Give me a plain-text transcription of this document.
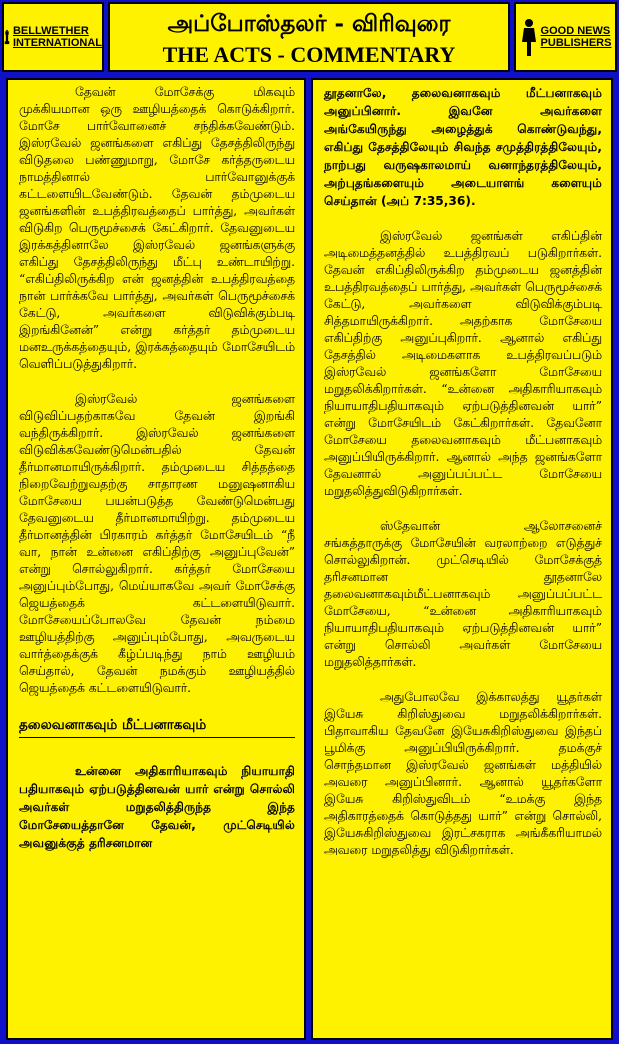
BELLWETHER
INTERNATIONAL
அப்போஸ்தலர் - விரிவுரை
THE ACTS - COMMENTARY
GOOD NEWS
PUBLISHERS

தேவன் மோசேக்கு மிகவும் முக்கியமான ஒரு ஊழியத்தைக் கொடுக்கிறார். மோசே பார்வோனைச் சந்திக்கவேண்டும். இஸ்ரவேல் ஜனங்களை எகிப்து தேசத்திலிருந்து விடுதலை பண்ணுமாறு, மோசே கர்த்தருடைய நாமத்தினால் பார்வோனுக்குக் கட்டளையிடவேண்டும். தேவன் தம்முடைய ஜனங்களின் உபத்திரவத்தைப் பார்த்து, அவர்கள் விடுகிற பெருமூச்சைக் கேட்கிறார். தேவனுடைய இரக்கத்தினாலே இஸ்ரவேல் ஜனங்களுக்கு எகிப்து தேசத்திலிருந்து மீட்பு உண்டாயிற்று. “எகிப்திலிருக்கிற என் ஜனத்தின் உபத்திரவத்தை நான் பார்க்கவே பார்த்து, அவர்கள் பெருமூச்சைக் கேட்டு, அவர்களை விடுவிக்கும்படி இறங்கினேன்” என்று கர்த்தர் தம்முடைய மனஉருக்கத்தையும், இரக்கத்தையும் மோசேயிடம் வெளிப்படுத்துகிறார்.

இஸ்ரவேல் ஜனங்களை விடுவிப்பதற்காகவே தேவன் இறங்கி வந்திருக்கிறார். இஸ்ரவேல் ஜனங்களை விடுவிக்கவேண்டுமென்பதில் தேவன் தீர்மானமாயிருக்கிறார். தம்முடைய சித்தத்தை நிறைவேற்றுவதற்கு சாதாரண மனுஷனாகிய மோசேயை பயன்படுத்த வேண்டுமென்பது தேவனுடைய தீர்மானமாயிற்று. தம்முடைய தீர்மானத்தின் பிரகாரம் கர்த்தர் மோசேயிடம் “நீ வா, நான் உன்னை எகிப்திற்கு அனுப்புவேன்” என்று சொல்லுகிறார். கர்த்தர் மோசேயை அனுப்பும்போது, மெய்யாகவே அவர் மோசேக்கு ஜெயத்தைக் கட்டளையிடுவார். மோசேயைப்போலவே தேவன் நம்மை ஊழியத்திற்கு அனுப்பும்போது, அவருடைய வார்த்தைக்குக் கீழ்ப்படிந்து நாம் ஊழியம் செய்தால், தேவன் நமக்கும் ஊழியத்தில் ஜெயத்தைக் கட்டளையிடுவார்.

தலைவனாகவும் மீட்பனாகவும்

உன்னை அதிகாரியாகவும் நியாயாதி பதியாகவும் ஏற்படுத்தினவன் யார் என்று சொல்லி அவர்கள் மறுதலித்திருந்த இந்த மோசேயைத்தானே தேவன், முட்செடியில் அவனுக்குத் தரிசனமான

தூதனாலே, தலைவனாகவும் மீட்பனாகவும் அனுப்பினார். இவனே அவர்களை அங்கேயிருந்து அழைத்துக் கொண்டுவந்து, எகிப்து தேசத்திலேயும் சிவந்த சமுத்திரத்திலேயும், நாற்பது வருஷகாலமாய் வனாந்தரத்திலேயும், அற்புதங்களையும் அடையாளங் களையும் செய்தான் (அப் 7:35,36).

இஸ்ரவேல் ஜனங்கள் எகிப்தின் அடிமைத்தனத்தில் உபத்திரவப் படுகிறார்கள். தேவன் எகிப்திலிருக்கிற தம்முடைய ஜனத்தின் உபத்திரவத்தைப் பார்த்து, அவர்கள் பெருமூச்சைக் கேட்டு, அவர்களை விடுவிக்கும்படி சித்தமாயிருக்கிறார். அதற்காக மோசேயை எகிப்திற்கு அனுப்புகிறார். ஆனால் எகிப்து தேசத்தில் அடிமைகளாக உபத்திரவப்படும் இஸ்ரவேல் ஜனங்களோ மோசேயை மறுதலிக்கிறார்கள். “உன்னை அதிகாரியாகவும் நியாயாதிபதியாகவும் ஏற்படுத்தினவன் யார்” என்று மோசேயிடம் கேட்கிறார்கள். தேவனோ மோசேயை தலைவனாகவும் மீட்பனாகவும் அனுப்பியிருக்கிறார். ஆனால் அந்த ஜனங்களோ தேவனால் அனுப்பப்பட்ட மோசேயை மறுதலித்துவிடுகிறார்கள்.

ஸ்தேவான் ஆலோசனைச் சங்கத்தாருக்கு மோசேயின் வரலாற்றை எடுத்துச் சொல்லுகிறான். முட்செடியில் மோசேக்குத் தரிசனமான தூதனாலே தலைவனாகவும்மீட்பனாகவும் அனுப்பப்பட்ட மோசேயை, “உன்னை அதிகாரியாகவும் நியாயாதிபதியாகவும் ஏற்படுத்தினவன் யார்” என்று சொல்லி அவர்கள் மோசேயை மறுதலித்தார்கள்.

அதுபோலவே இக்காலத்து யூதர்கள் இயேசு கிறிஸ்துவை மறுதலிக்கிறார்கள். பிதாவாகிய தேவனே இயேசுகிறிஸ்துவை இந்தப் பூமிக்கு அனுப்பியிருக்கிறார். தமக்குச் சொந்தமான இஸ்ரவேல் ஜனங்கள் மத்தியில் அவரை அனுப்பினார். ஆனால் யூதர்களோ இயேசு கிறிஸ்துவிடம் “உமக்கு இந்த அதிகாரத்தைக் கொடுத்தது யார்” என்று சொல்லி, இயேசுகிறிஸ்துவை இரட்சகராக அங்கீகரியாமல் அவரை மறுதலித்து விடுகிறார்கள்.
